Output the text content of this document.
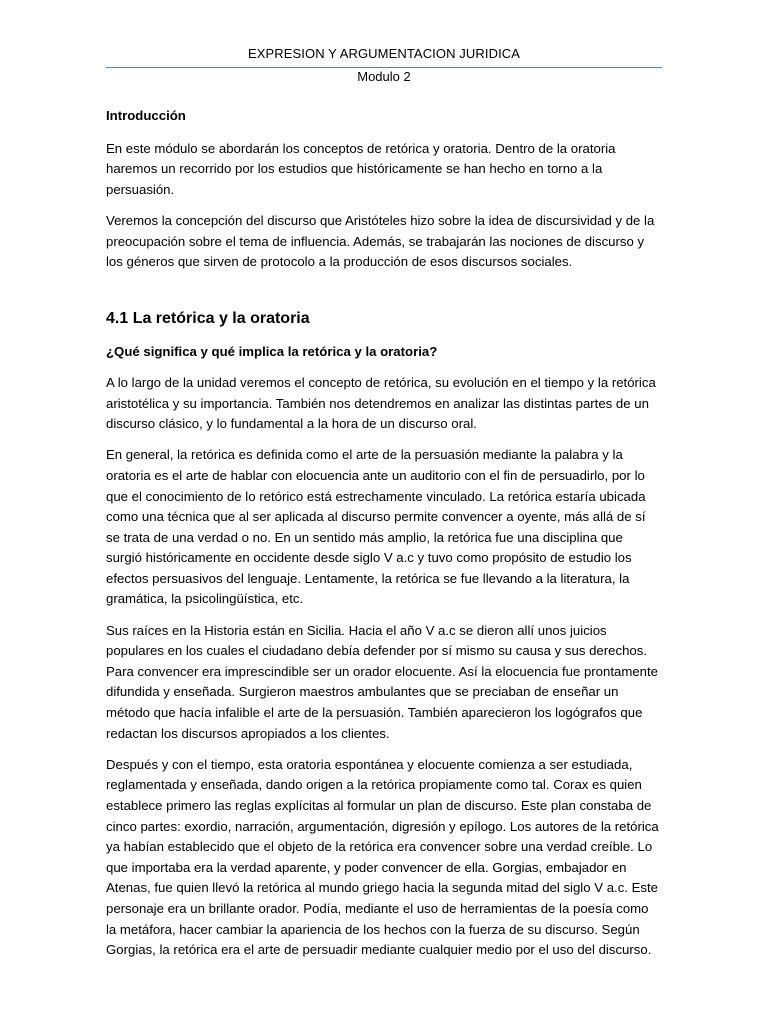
EXPRESION Y ARGUMENTACION JURIDICA
Modulo 2
Introducción

En este módulo se abordarán los conceptos de retórica y oratoria. Dentro de la oratoria haremos un recorrido por los estudios que históricamente se han hecho en torno a la persuasión.

Veremos la concepción del discurso que Aristóteles hizo sobre la idea de discursividad y de la preocupación sobre el tema de influencia. Además, se trabajarán las nociones de discurso y los géneros que sirven de protocolo a la producción de esos discursos sociales.

4.1 La retórica y la oratoria
¿Qué significa y qué implica la retórica y la oratoria?

A lo largo de la unidad veremos el concepto de retórica, su evolución en el tiempo y la retórica aristotélica y su importancia. También nos detendremos en analizar las distintas partes de un discurso clásico, y lo fundamental a la hora de un discurso oral.

En general, la retórica es definida como el arte de la persuasión mediante la palabra y la oratoria es el arte de hablar con elocuencia ante un auditorio con el fin de persuadirlo, por lo que el conocimiento de lo retórico está estrechamente vinculado. La retórica estaría ubicada como una técnica que al ser aplicada al discurso permite convencer a oyente, más allá de sí se trata de una verdad o no. En un sentido más amplio, la retórica fue una disciplina que surgió históricamente en occidente desde siglo V a.c y tuvo como propósito de estudio los efectos persuasivos del lenguaje. Lentamente, la retórica se fue llevando a la literatura, la gramática, la psicolingüística, etc.

Sus raíces en la Historia están en Sicilia. Hacia el año V a.c se dieron allí unos juicios populares en los cuales el ciudadano debía defender por sí mismo su causa y sus derechos. Para convencer era imprescindible ser un orador elocuente. Así la elocuencia fue prontamente difundida y enseñada. Surgieron maestros ambulantes que se preciaban de enseñar un método que hacía infalible el arte de la persuasión. También aparecieron los logógrafos que redactan los discursos apropiados a los clientes.

Después y con el tiempo, esta oratoria espontánea y elocuente comienza a ser estudiada, reglamentada y enseñada, dando origen a la retórica propiamente como tal. Corax es quien establece primero las reglas explícitas al formular un plan de discurso. Este plan constaba de cinco partes: exordio, narración, argumentación, digresión y epílogo. Los autores de la retórica ya habían establecido que el objeto de la retórica era convencer sobre una verdad creíble. Lo que importaba era la verdad aparente, y poder convencer de ella. Gorgias, embajador en Atenas, fue quien llevó la retórica al mundo griego hacia la segunda mitad del siglo V a.c. Este personaje era un brillante orador. Podía, mediante el uso de herramientas de la poesía como la metáfora, hacer cambiar la apariencia de los hechos con la fuerza de su discurso. Según Gorgias, la retórica era el arte de persuadir mediante cualquier medio por el uso del discurso.
